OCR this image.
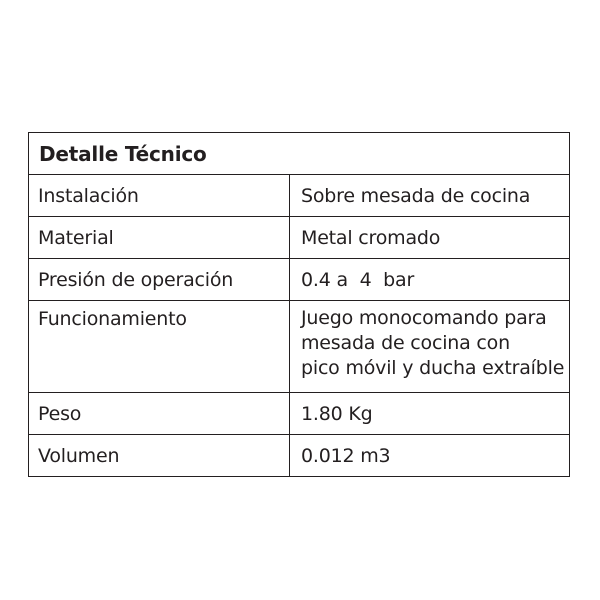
Detalle Técnico	
Instalación	Sobre mesada de cocina

Material	Metal cromado

Presión de operación	0.4 a  4  bar

Funcionamiento	Juego monocomando para
mesada de cocina con
pico móvil y ducha extraíble

Peso	1.80 Kg

Volumen	0.012 m3
